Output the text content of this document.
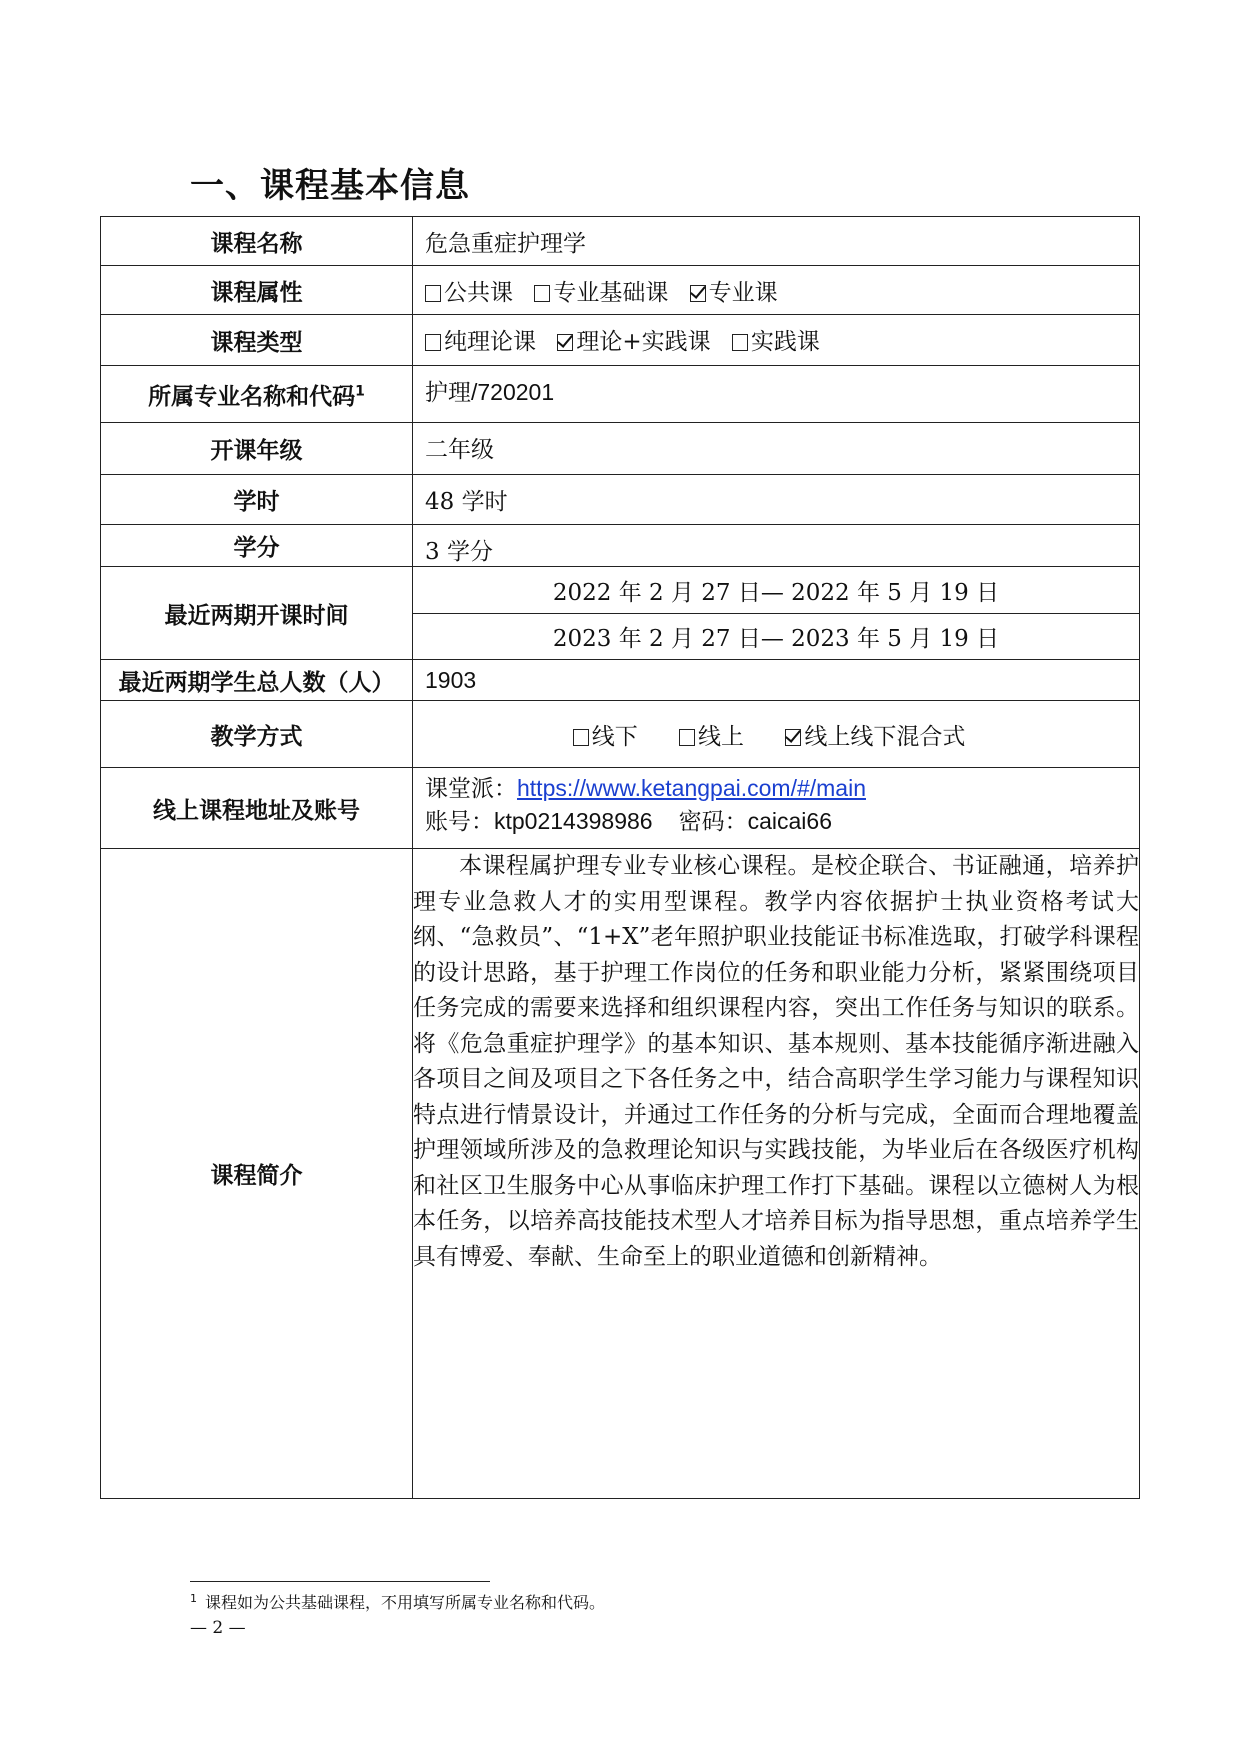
一、课程基本信息
课程名称	危急重症护理学
课程属性	公共课 专业基础课 专业课
课程类型	纯理论课 理论+实践课 实践课
所属专业名称和代码$^1$	护理/720201
开课年级	二年级
学时	48 学时
学分	3 学分
最近两期开课时间	2022 年 2 月 27 日— 2022 年 5 月 19 日
	2023 年 2 月 27 日— 2023 年 5 月 19 日
最近两期学生总人数（人）	1903
教学方式	线下 线上 线上线下混合式
线上课程地址及账号	课堂派：https://www.ketangpai.com/#/main
账号：ktp0214398986 密码：caicai66

课程简介	本课程属护理专业专业核心课程。是校企联合、书证融通，培养护理专业急救人才的实用型课程。教学内容依据护士执业资格考试大纲、“急救员”、“1+X”老年照护职业技能证书标准选取，打破学科课程的设计思路，基于护理工作岗位的任务和职业能力分析，紧紧围绕项目任务完成的需要来选择和组织课程内容，突出工作任务与知识的联系。将《危急重症护理学》的基本知识、基本规则、基本技能循序渐进融入各项目之间及项目之下各任务之中，结合高职学生学习能力与课程知识特点进行情景设计，并通过工作任务的分析与完成，全面而合理地覆盖护理领域所涉及的急救理论知识与实践技能，为毕业后在各级医疗机构和社区卫生服务中心从事临床护理工作打下基础。课程以立德树人为根本任务，以培养高技能技术型人才培养目标为指导思想，重点培养学生具有博爱、奉献、生命至上的职业道德和创新精神。
$^1$ 课程如为公共基础课程，不用填写所属专业名称和代码。
— 2 —
